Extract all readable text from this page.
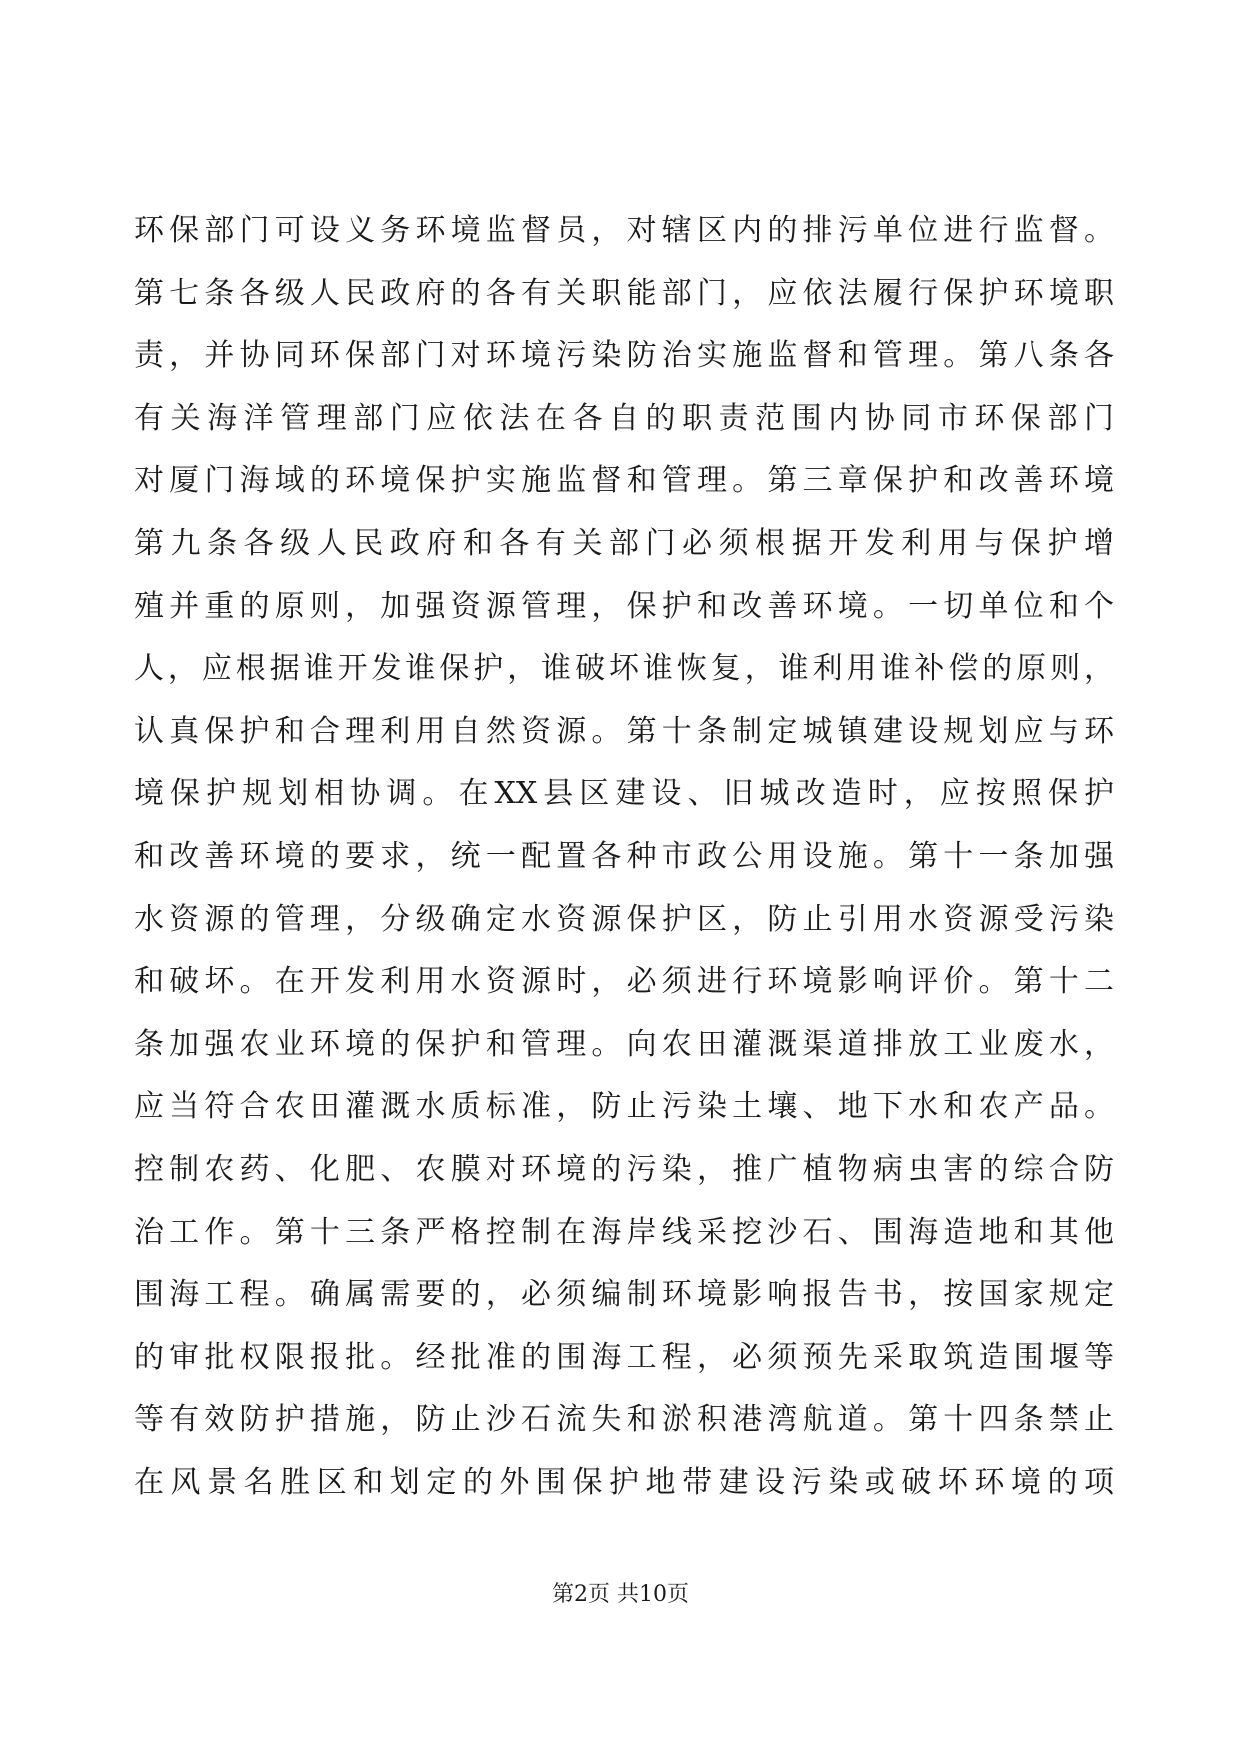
环保部门可设义务环境监督员，对辖区内的排污单位进行监督。
第七条各级人民政府的各有关职能部门，应依法履行保护环境职
责，并协同环保部门对环境污染防治实施监督和管理。第八条各
有关海洋管理部门应依法在各自的职责范围内协同市环保部门
对厦门海域的环境保护实施监督和管理。第三章保护和改善环境
第九条各级人民政府和各有关部门必须根据开发利用与保护增
殖并重的原则，加强资源管理，保护和改善环境。一切单位和个
人，应根据谁开发谁保护，谁破坏谁恢复，谁利用谁补偿的原则，
认真保护和合理利用自然资源。第十条制定城镇建设规划应与环
境保护规划相协调。在XX县区建设、旧城改造时，应按照保护
和改善环境的要求，统一配置各种市政公用设施。第十一条加强
水资源的管理，分级确定水资源保护区，防止引用水资源受污染
和破坏。在开发利用水资源时，必须进行环境影响评价。第十二
条加强农业环境的保护和管理。向农田灌溉渠道排放工业废水，
应当符合农田灌溉水质标准，防止污染土壤、地下水和农产品。
控制农药、化肥、农膜对环境的污染，推广植物病虫害的综合防
治工作。第十三条严格控制在海岸线采挖沙石、围海造地和其他
围海工程。确属需要的，必须编制环境影响报告书，按国家规定
的审批权限报批。经批准的围海工程，必须预先采取筑造围堰等
等有效防护措施，防止沙石流失和淤积港湾航道。第十四条禁止
在风景名胜区和划定的外围保护地带建设污染或破坏环境的项
第2页 共10页
